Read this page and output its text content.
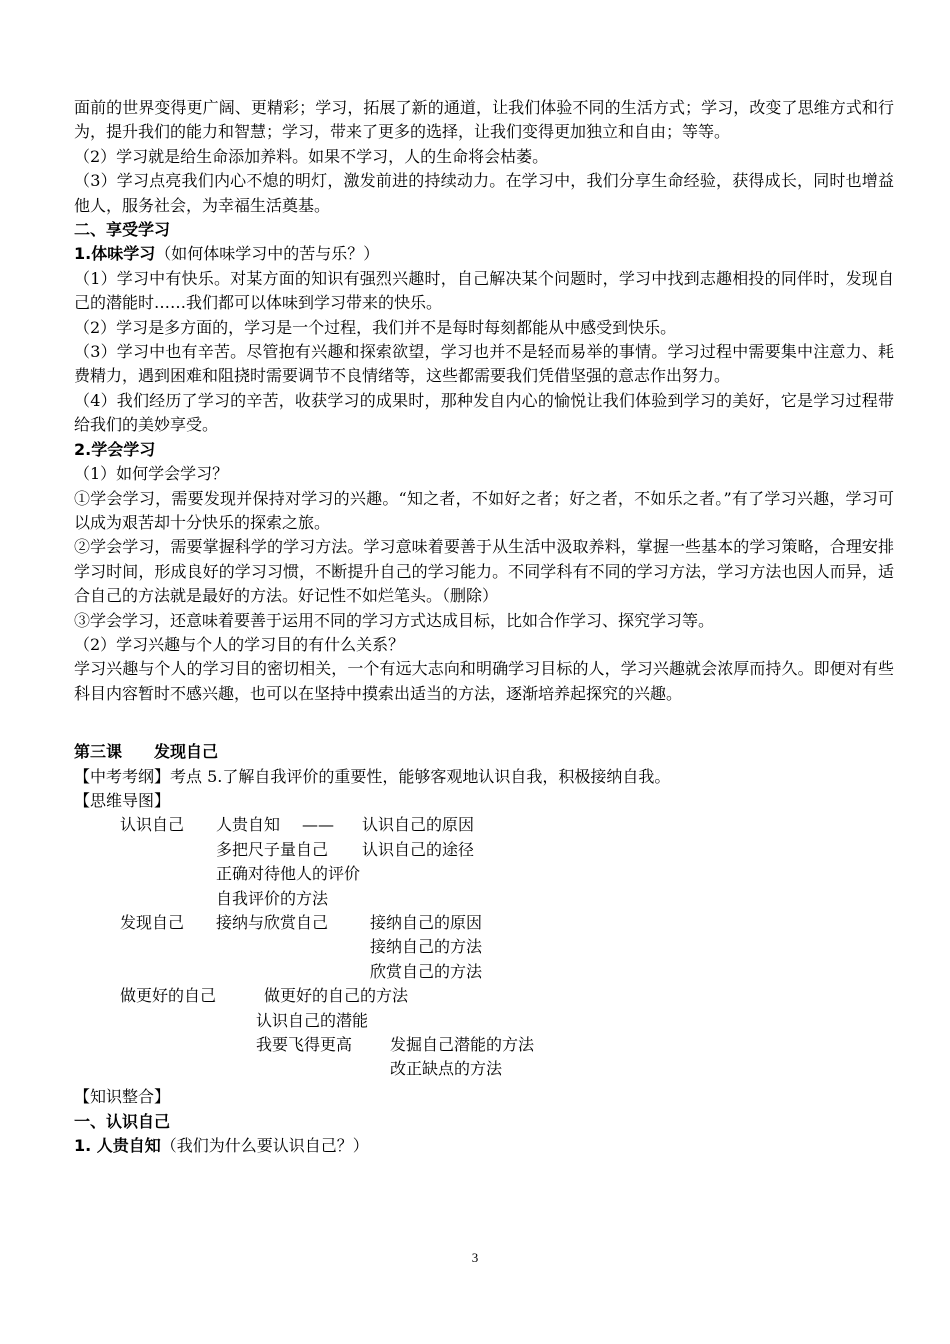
面前的世界变得更广阔、更精彩；学习，拓展了新的通道，让我们体验不同的生活方式；学习，改变了思维方式和行为，提升我们的能力和智慧；学习，带来了更多的选择，让我们变得更加独立和自由；等等。

（2）学习就是给生命添加养料。如果不学习，人的生命将会枯萎。

（3）学习点亮我们内心不熄的明灯，激发前进的持续动力。在学习中，我们分享生命经验，获得成长，同时也增益他人，服务社会，为幸福生活奠基。

二、享受学习

1.体味学习（如何体味学习中的苦与乐？）

（1）学习中有快乐。对某方面的知识有强烈兴趣时，自己解决某个问题时，学习中找到志趣相投的同伴时，发现自己的潜能时……我们都可以体味到学习带来的快乐。

（2）学习是多方面的，学习是一个过程，我们并不是每时每刻都能从中感受到快乐。

（3）学习中也有辛苦。尽管抱有兴趣和探索欲望，学习也并不是轻而易举的事情。学习过程中需要集中注意力、耗费精力，遇到困难和阻挠时需要调节不良情绪等，这些都需要我们凭借坚强的意志作出努力。

（4）我们经历了学习的辛苦，收获学习的成果时，那种发自内心的愉悦让我们体验到学习的美好，它是学习过程带给我们的美妙享受。

2.学会学习

（1）如何学会学习？

①学会学习，需要发现并保持对学习的兴趣。“知之者，不如好之者；好之者，不如乐之者。”有了学习兴趣，学习可以成为艰苦却十分快乐的探索之旅。

②学会学习，需要掌握科学的学习方法。学习意味着要善于从生活中汲取养料，掌握一些基本的学习策略，合理安排学习时间，形成良好的学习习惯，不断提升自己的学习能力。不同学科有不同的学习方法，学习方法也因人而异，适合自己的方法就是最好的方法。好记性不如烂笔头。（删除）

③学会学习，还意味着要善于运用不同的学习方式达成目标，比如合作学习、探究学习等。

（2）学习兴趣与个人的学习目的有什么关系？

学习兴趣与个人的学习目的密切相关，一个有远大志向和明确学习目标的人，学习兴趣就会浓厚而持久。即便对有些科目内容暂时不感兴趣，也可以在坚持中摸索出适当的方法，逐渐培养起探究的兴趣。

第三课　　发现自己

【中考考纲】考点 5.了解自我评价的重要性，能够客观地认识自我，积极接纳自我。

【思维导图】

认识自己 人贵自知 —— 认识自己的原因
多把尺子量自己 认识自己的途径
正确对待他人的评价
自我评价的方法
发现自己 接纳与欣赏自己	接纳自己的原因
接纳自己的方法
欣赏自己的方法
做更好的自己	做更好的自己的方法
认识自己的潜能
我要飞得更高 发掘自己潜能的方法
改正缺点的方法

【知识整合】

一、认识自己

1. 人贵自知（我们为什么要认识自己？）

3
